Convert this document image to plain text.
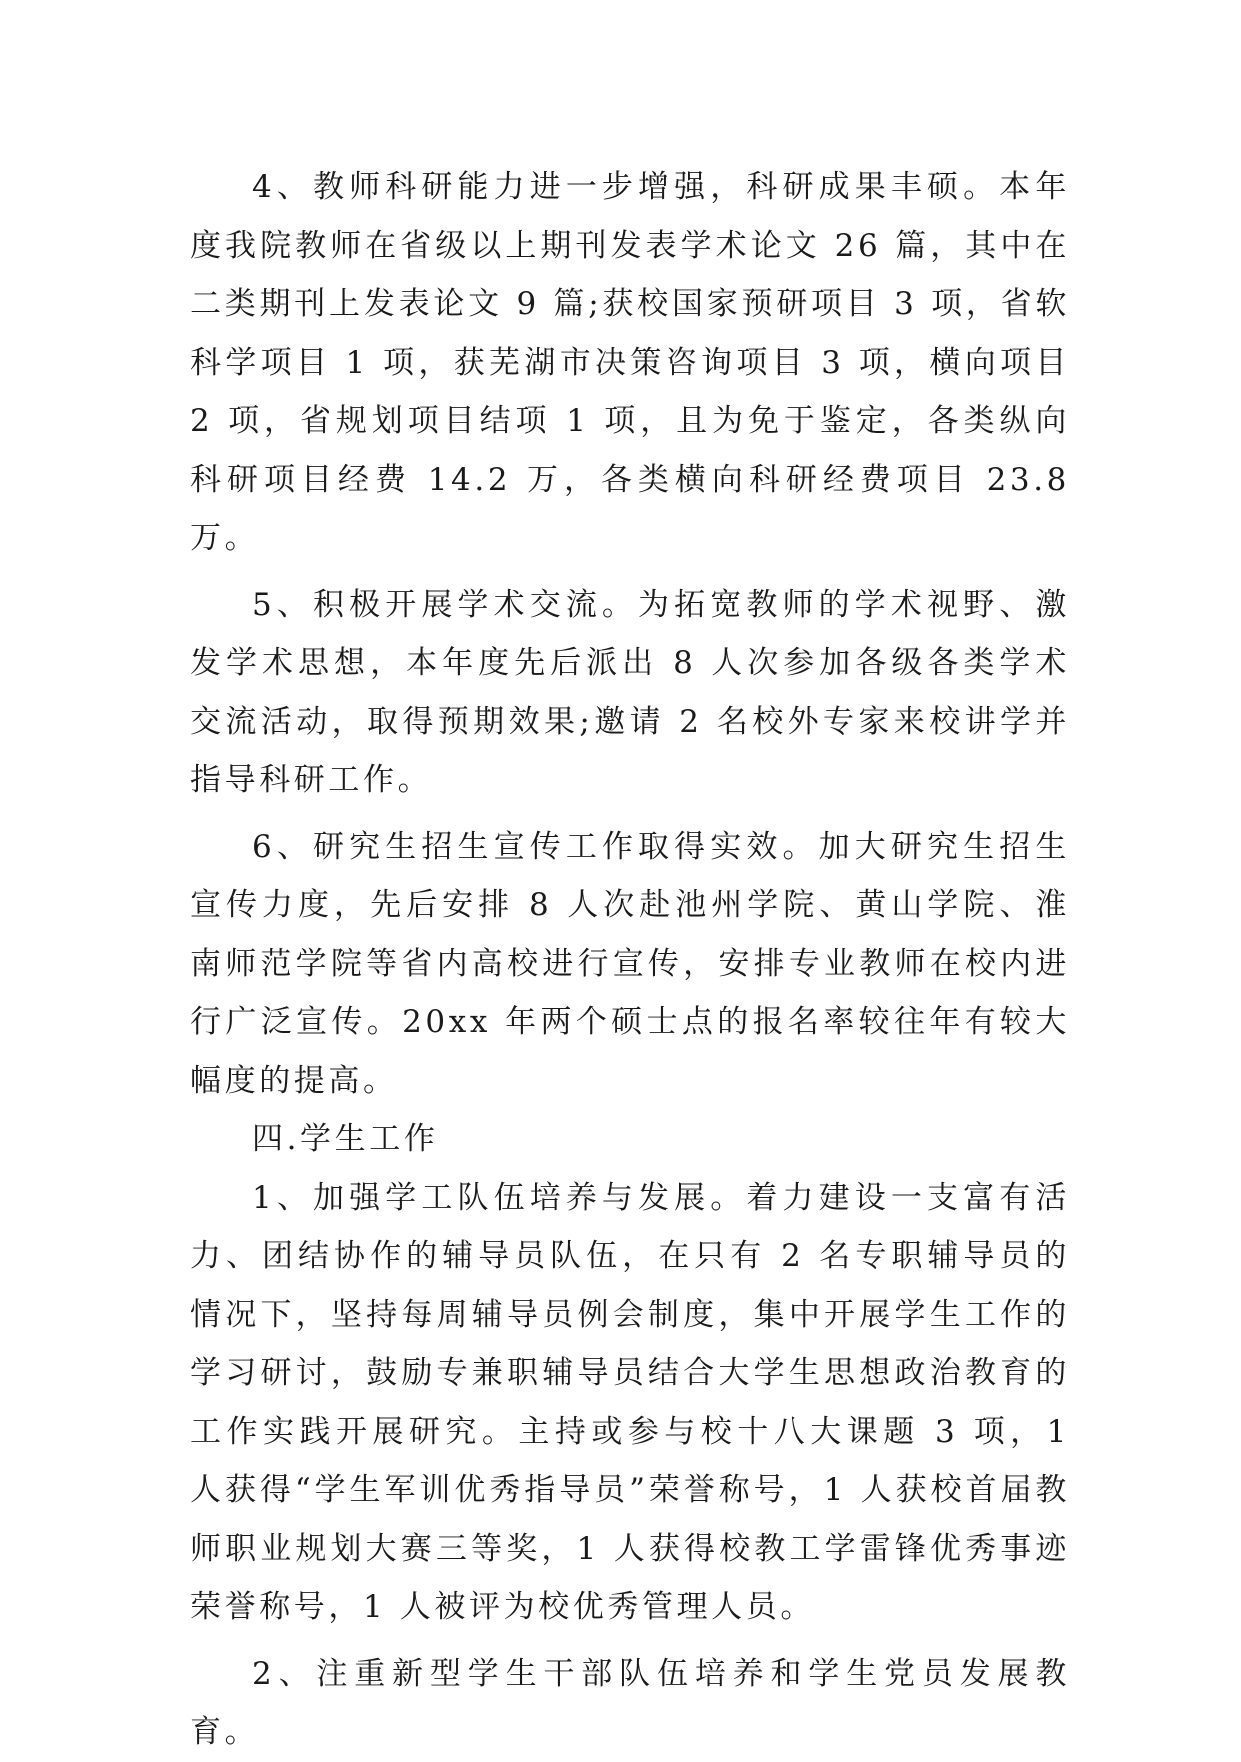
4、教师科研能力进一步增强，科研成果丰硕。本年度我院教师在省级以上期刊发表学术论文 26 篇，其中在二类期刊上发表论文 9 篇;获校国家预研项目 3 项，省软科学项目 1 项，获芜湖市决策咨询项目 3 项，横向项目 2 项，省规划项目结项 1 项，且为免于鉴定，各类纵向科研项目经费 14.2 万，各类横向科研经费项目 23.8 万。

5、积极开展学术交流。为拓宽教师的学术视野、激发学术思想，本年度先后派出 8 人次参加各级各类学术交流活动，取得预期效果;邀请 2 名校外专家来校讲学并指导科研工作。

6、研究生招生宣传工作取得实效。加大研究生招生宣传力度，先后安排 8 人次赴池州学院、黄山学院、淮南师范学院等省内高校进行宣传，安排专业教师在校内进行广泛宣传。20xx 年两个硕士点的报名率较往年有较大幅度的提高。

四.学生工作

1、加强学工队伍培养与发展。着力建设一支富有活力、团结协作的辅导员队伍，在只有 2 名专职辅导员的情况下，坚持每周辅导员例会制度，集中开展学生工作的学习研讨，鼓励专兼职辅导员结合大学生思想政治教育的工作实践开展研究。主持或参与校十八大课题 3 项，1 人获得“学生军训优秀指导员”荣誉称号，1 人获校首届教师职业规划大赛三等奖，1 人获得校教工学雷锋优秀事迹荣誉称号，1 人被评为校优秀管理人员。

2、注重新型学生干部队伍培养和学生党员发展教育。
